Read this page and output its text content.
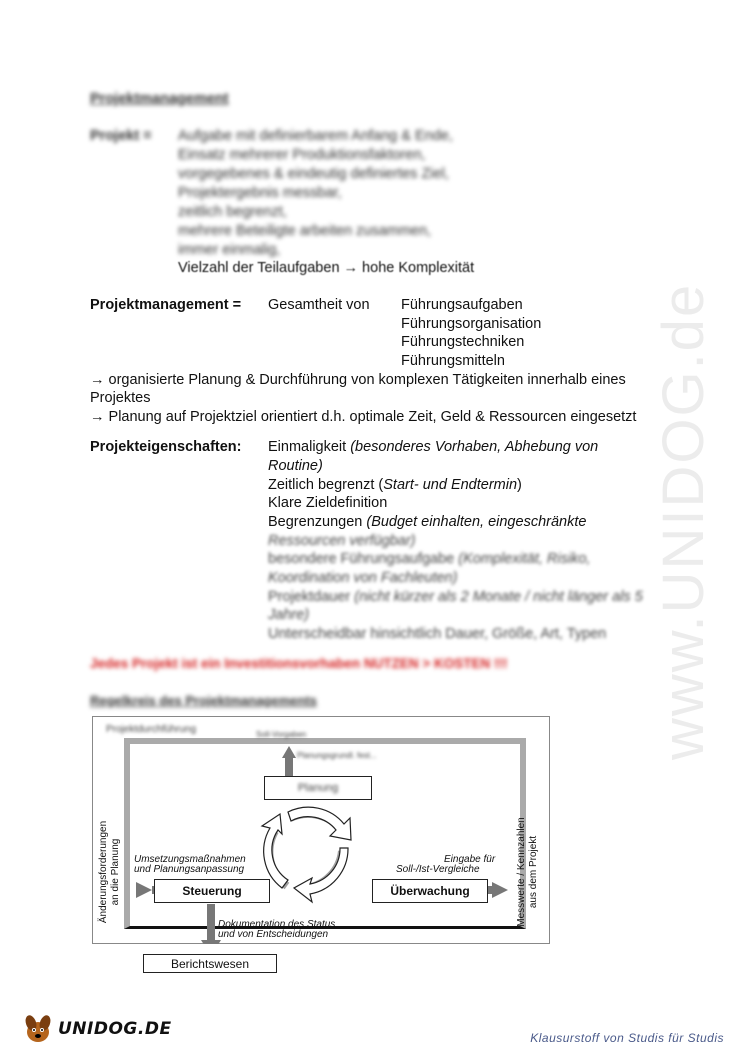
www.UNIDOG.de
Projektmanagement
Projekt = Aufgabe mit definierbarem Anfang & Ende,
Einsatz mehrerer Produktionsfaktoren,
vorgegebenes & eindeutig definiertes Ziel,
Projektergebnis messbar,
zeitlich begrenzt,
mehrere Beteiligte arbeiten zusammen,
immer einmalig,
Vielzahl der Teilaufgaben → hohe Komplexität
Projektmanagement = Gesamtheit von Führungsaufgaben
Führungsorganisation
Führungstechniken
Führungsmitteln
→ organisierte Planung & Durchführung von komplexen Tätigkeiten innerhalb eines
Projektes
→ Planung auf Projektziel orientiert d.h. optimale Zeit, Geld & Ressourcen eingesetzt
Projekteigenschaften: Einmaligkeit (besonderes Vorhaben, Abhebung von
Routine)
Zeitlich begrenzt (Start- und Endtermin)
Klare Zieldefinition
Begrenzungen (Budget einhalten, eingeschränkte
Ressourcen verfügbar)
besondere Führungsaufgabe (Komplexität, Risiko,
Koordination von Fachleuten)
Projektdauer (nicht kürzer als 2 Monate / nicht länger als 5
Jahre)
Unterscheidbar hinsichtlich Dauer, Größe, Art, Typen
Jedes Projekt ist ein Investitionsvorhaben NUTZEN > KOSTEN !!!
Regelkreis des Projektmanagements
Projektdurchführung	Soll-Vorgaben
Planungsgrundl. fest...
Planung
Steuerung	Überwachung
Umsetzungsmaßnahmen
und Planungsanpassung
Eingabe für
Soll-/Ist-Vergleiche
Dokumentation des Status
und von Entscheidungen
Änderungsforderungen
an die Planung	Messwerte / Kennzahlen
aus dem Projekt
Berichtswesen
UNIDOG.DE	Klausurstoff von Studis für Studis
